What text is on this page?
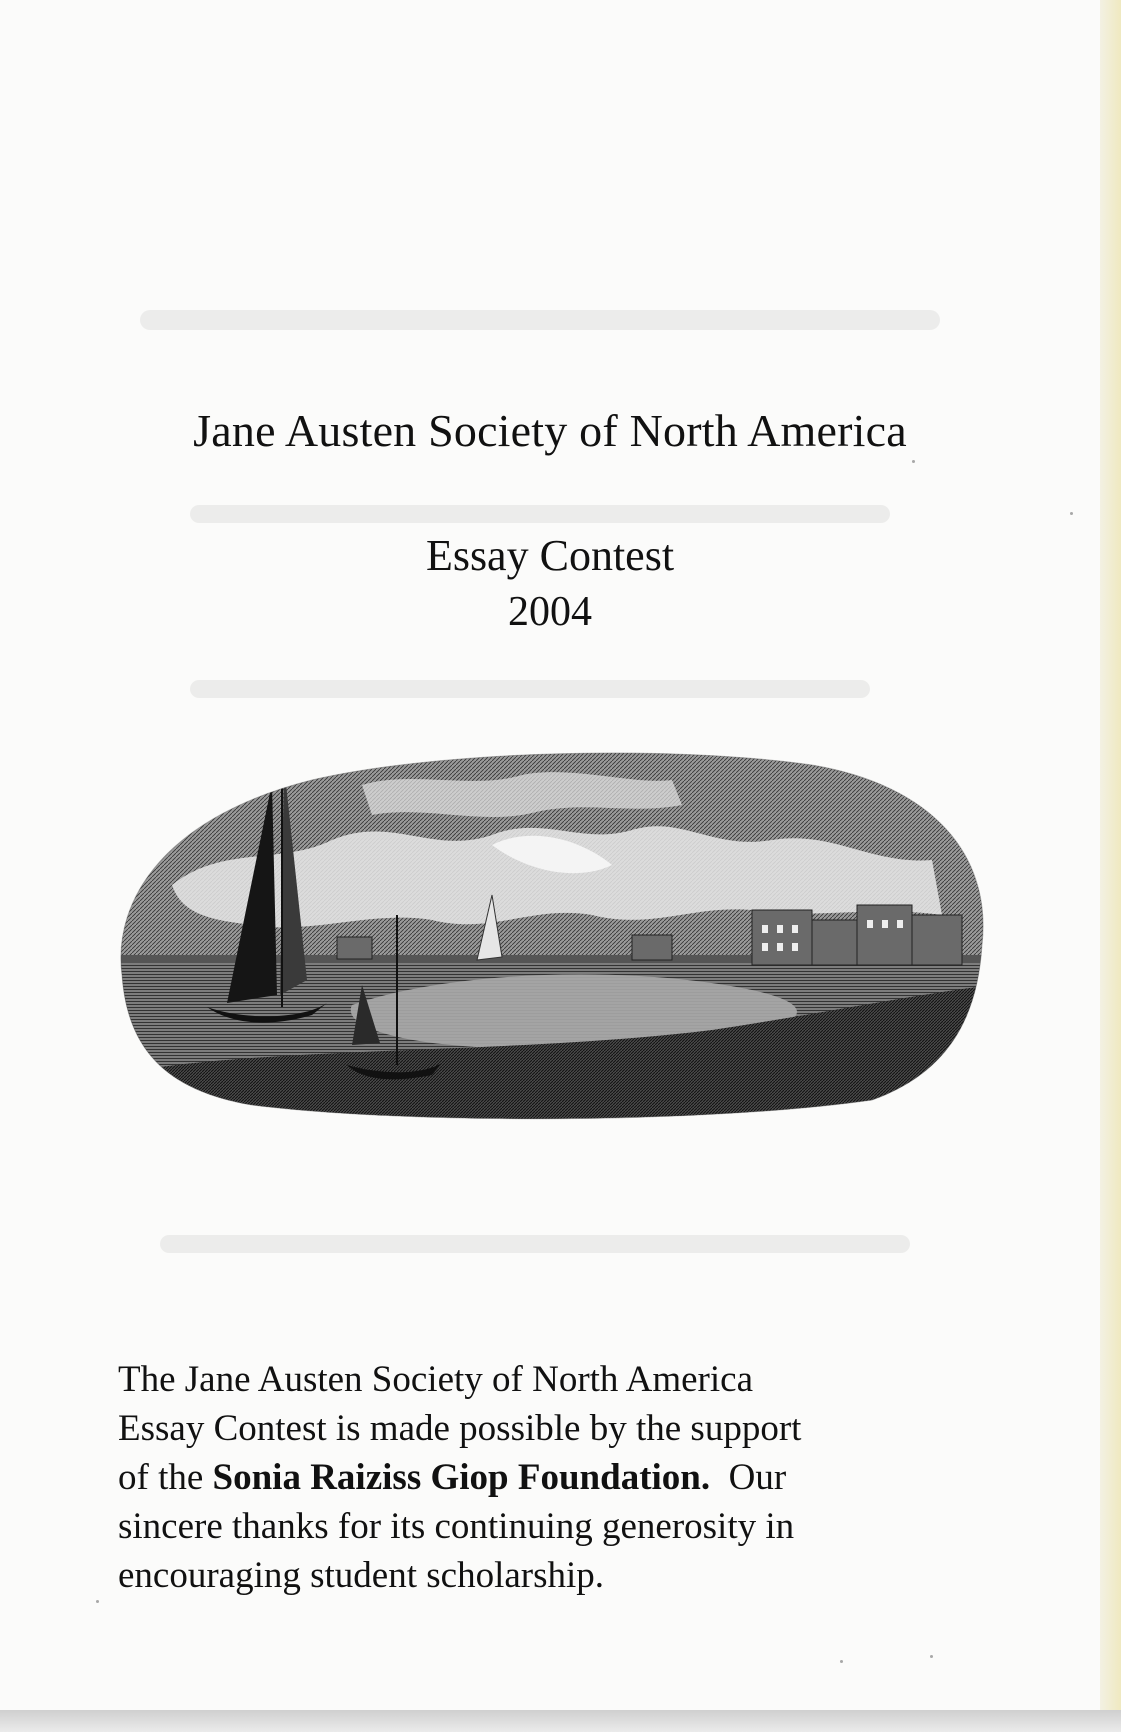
Jane Austen Society of North America
Essay Contest
2004

The Jane Austen Society of North America
Essay Contest is made possible by the support
of the Sonia Raiziss Giop Foundation.  Our
sincere thanks for its continuing generosity in
encouraging student scholarship.
